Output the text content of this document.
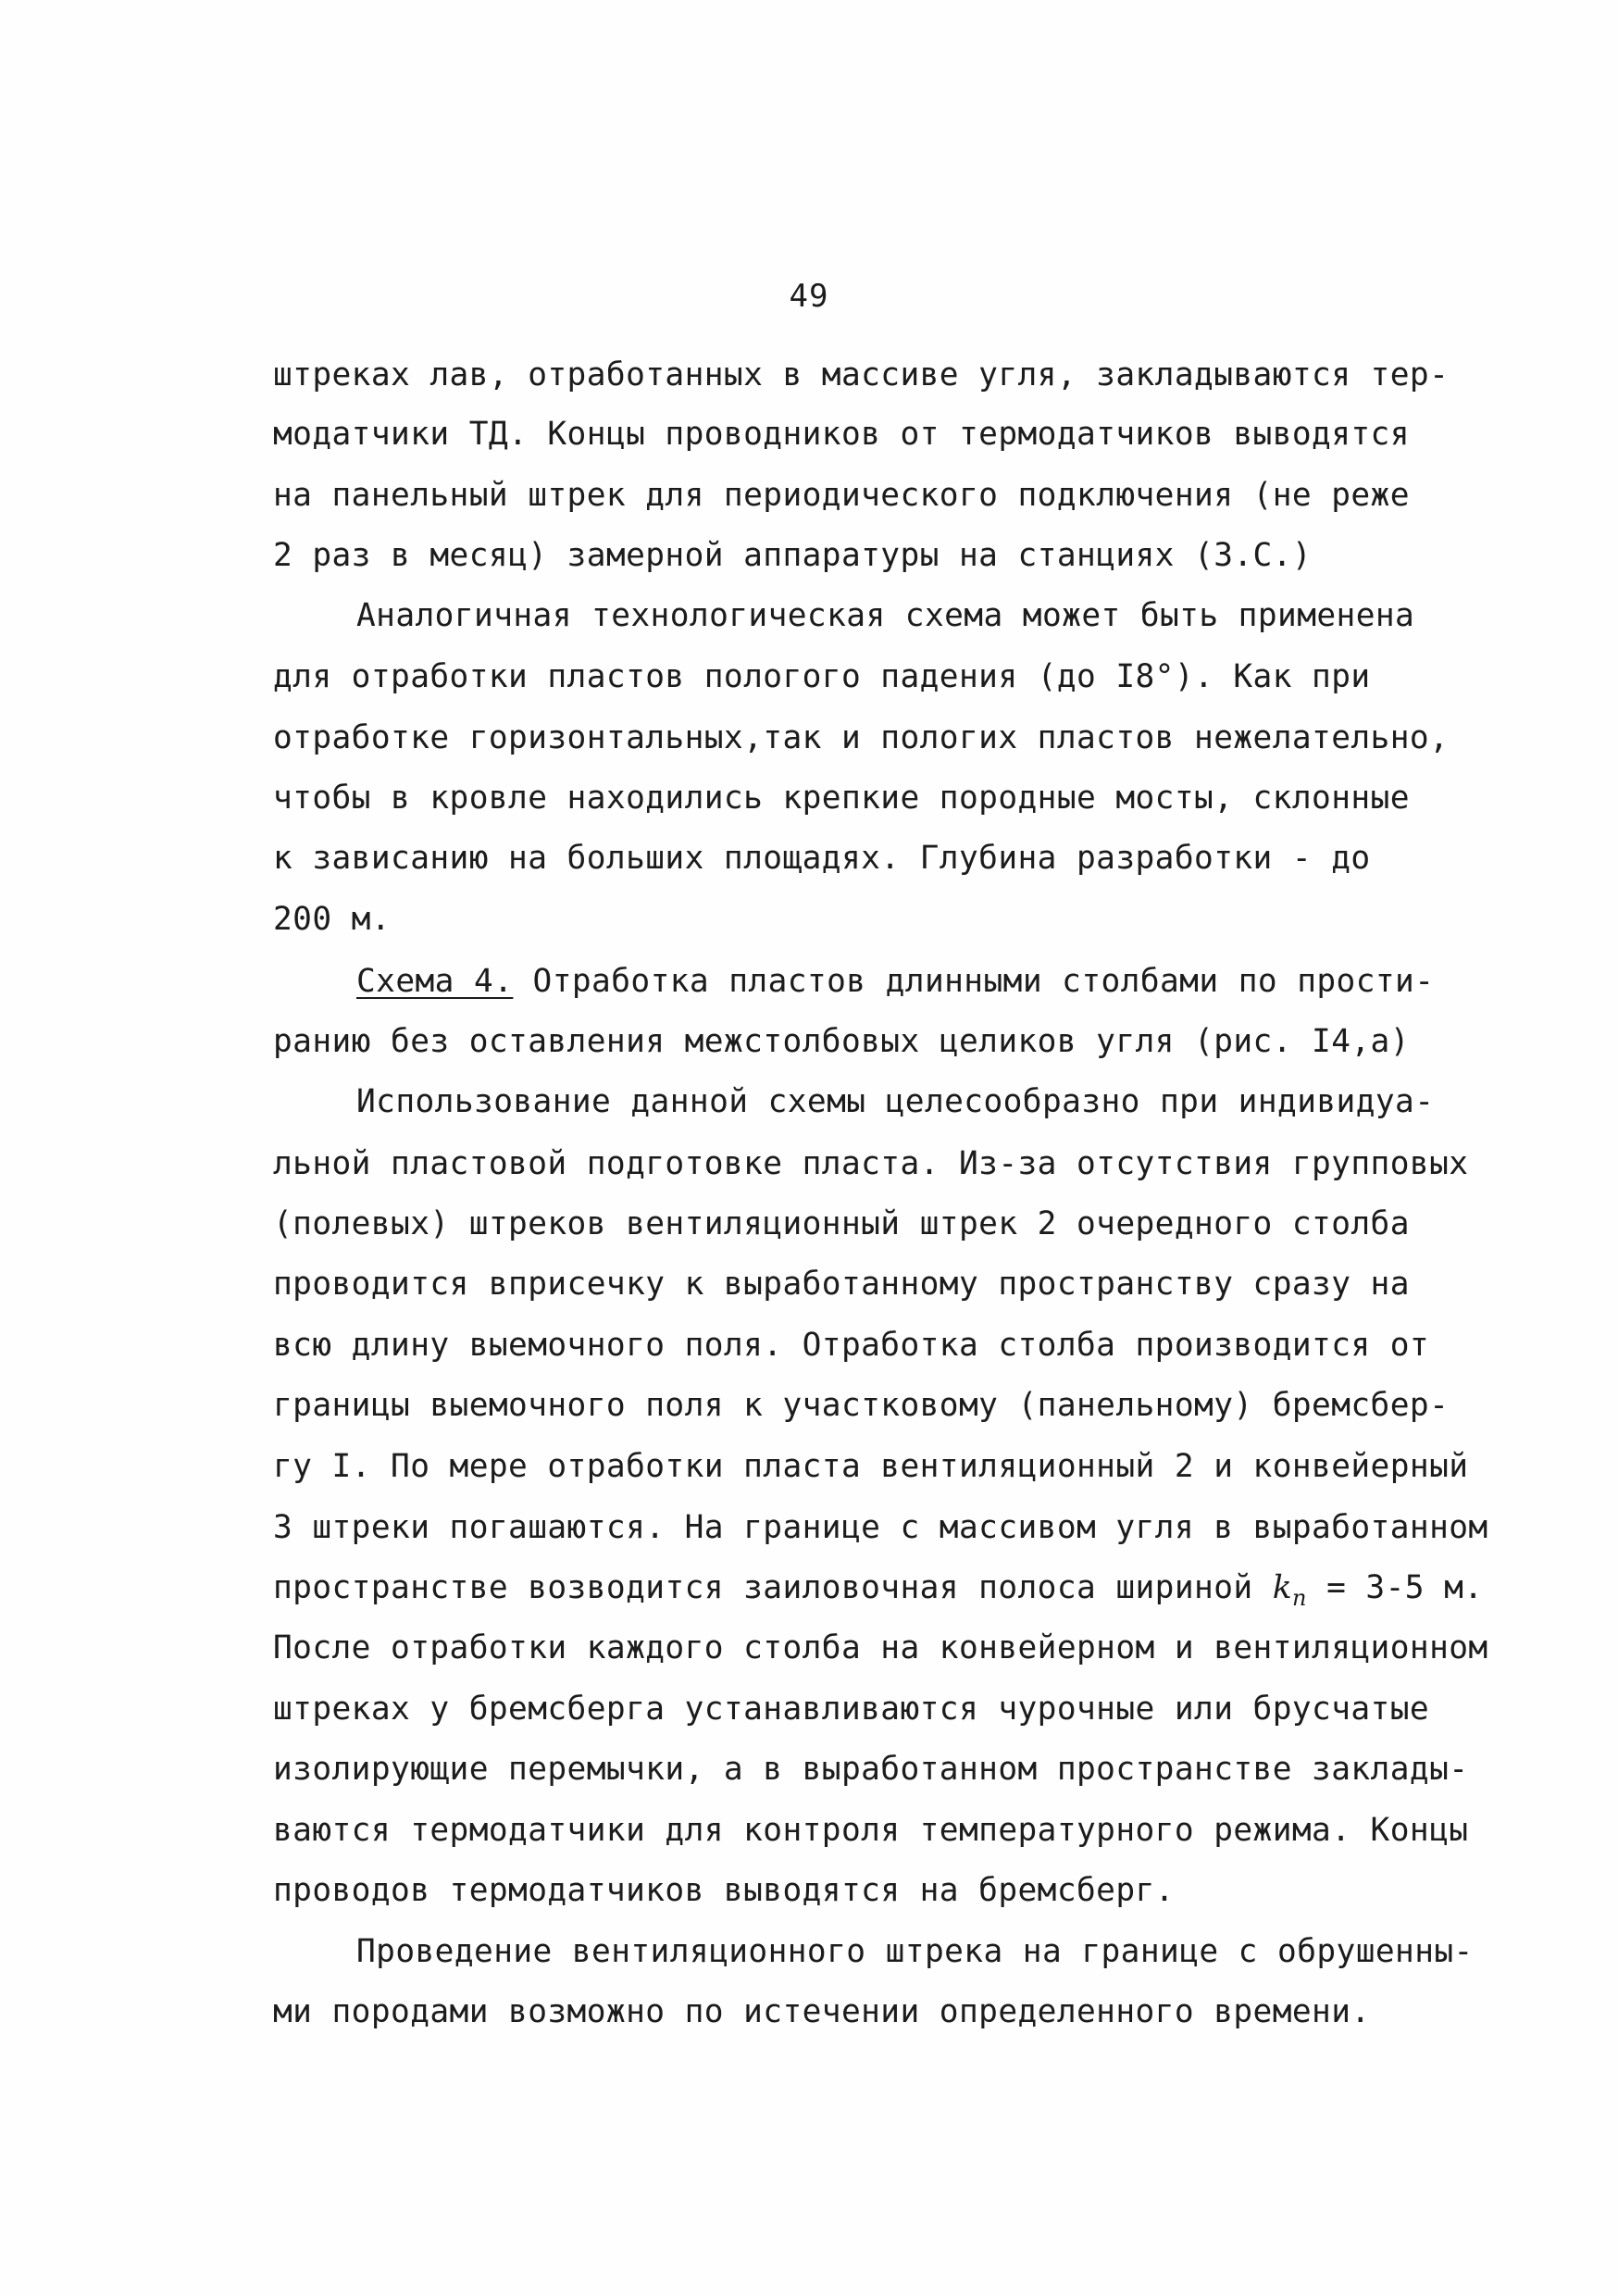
49
штреках лав, отработанных в массиве угля, закладываются тер-
модатчики ТД. Концы проводников от термодатчиков выводятся
на панельный штрек для периодического подключения (не реже
2 раз в месяц) замерной аппаратуры на станциях (З.С.)
Аналогичная технологическая схема может быть применена
для отработки пластов пологого падения (до I8°). Как при
отработке горизонтальных,так и пологих пластов нежелательно,
чтобы в кровле находились крепкие породные мосты, склонные
к зависанию на больших площадях. Глубина разработки - до
200 м.
Схема 4. Отработка пластов длинными столбами по прости-
ранию без оставления межстолбовых целиков угля (рис. I4,а)
Использование данной схемы целесообразно при индивидуа-
льной пластовой подготовке пласта. Из-за отсутствия групповых
(полевых) штреков вентиляционный штрек 2 очередного столба
проводится вприсечку к выработанному пространству сразу на
всю длину выемочного поля. Отработка столба производится от
границы выемочного поля к участковому (панельному) бремсбер-
гу I. По мере отработки пласта вентиляционный 2 и конвейерный
3 штреки погашаются. На границе с массивом угля в выработанном
пространстве возводится заиловочная полоса шириной $k_п = 3-5$ м.
После отработки каждого столба на конвейерном и вентиляционном
штреках у бремсберга устанавливаются чурочные или брусчатые
изолирующие перемычки, а в выработанном пространстве заклады-
ваются термодатчики для контроля температурного режима. Концы
проводов термодатчиков выводятся на бремсберг.
Проведение вентиляционного штрека на границе с обрушенны-
ми породами возможно по истечении определенного времени.
